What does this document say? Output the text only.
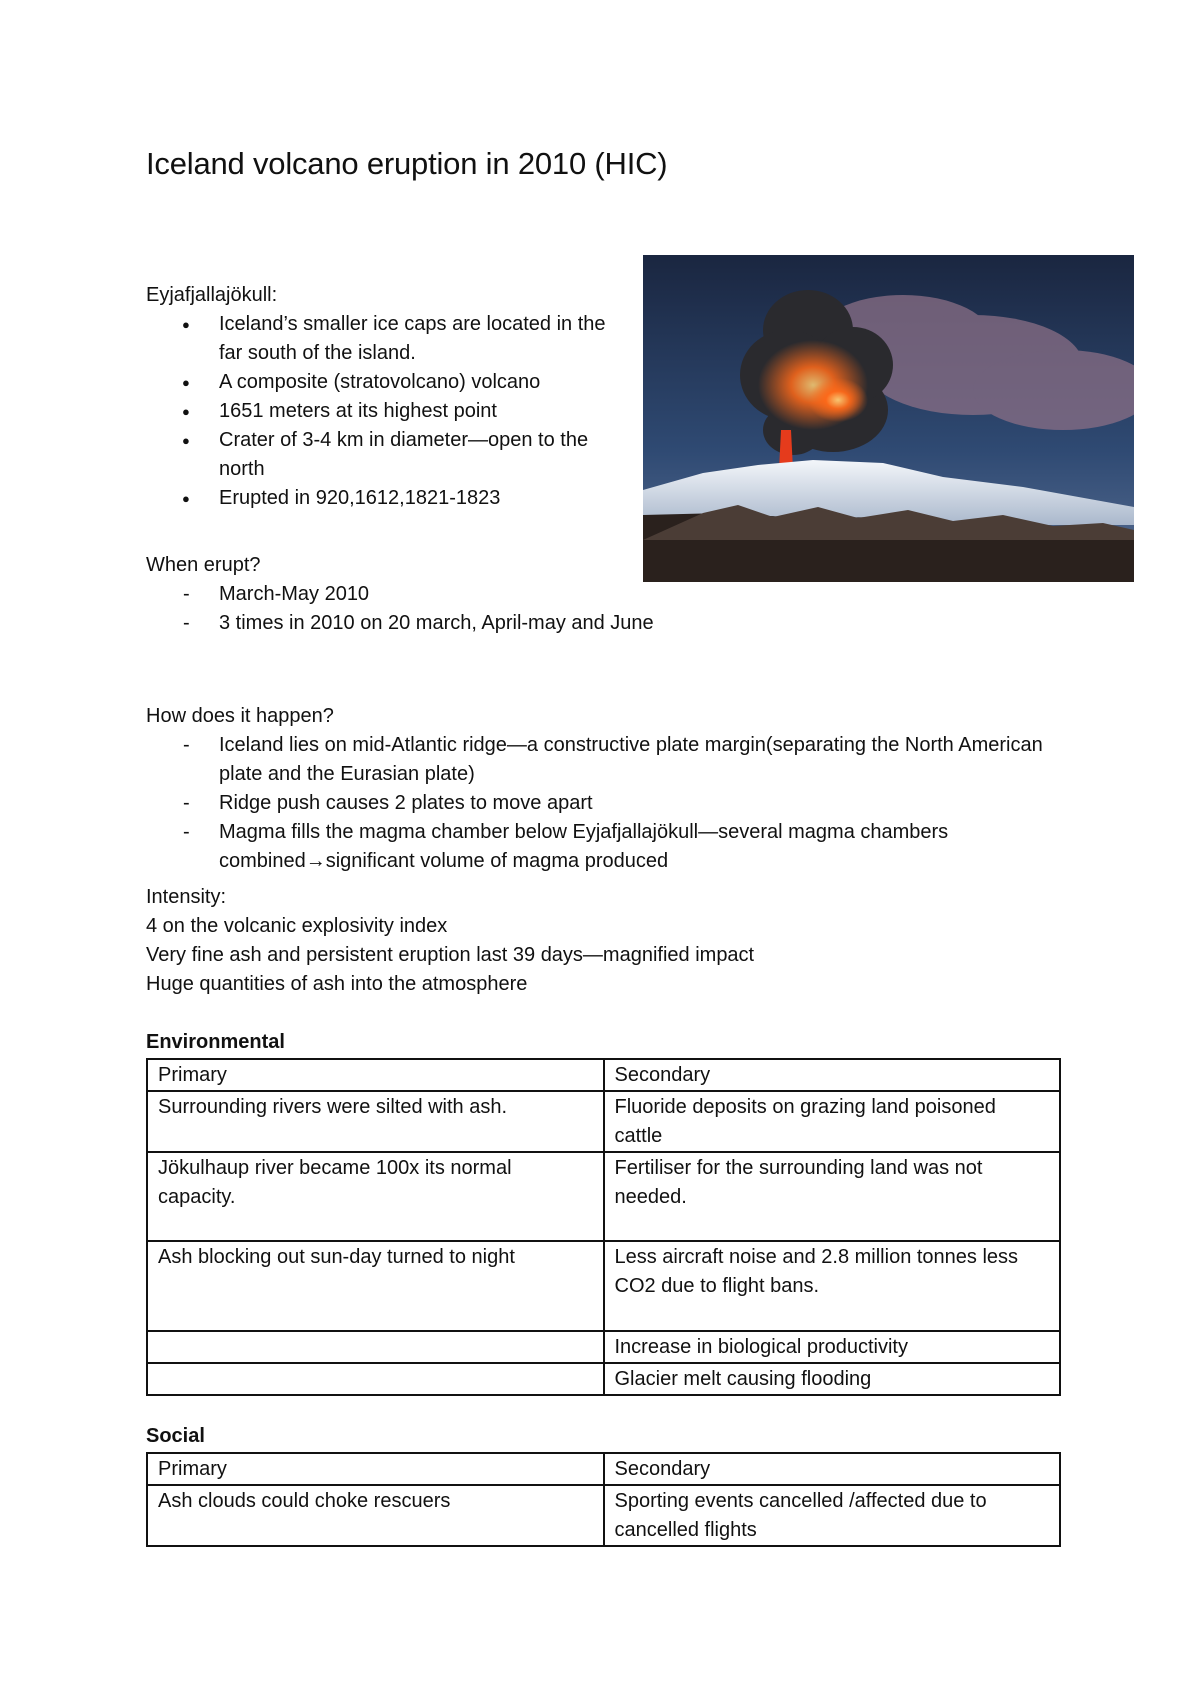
Iceland volcano eruption in 2010 (HIC)
Eyjafjallajökull:
● Iceland’s smaller ice caps are located in the far south of the island.
● A composite (stratovolcano) volcano
● 1651 meters at its highest point
● Crater of 3-4 km in diameter—open to the north
● Erupted in 920,1612,1821-1823
When erupt?
- March-May 2010
- 3 times in 2010 on 20 march, April-may and June
How does it happen?
- Iceland lies on mid-Atlantic ridge—a constructive plate margin(separating the North American plate and the Eurasian plate)
- Ridge push causes 2 plates to move apart
- Magma fills the magma chamber below Eyjafjallajökull—several magma chambers combined→significant volume of magma produced
Intensity:
4 on the volcanic explosivity index
Very fine ash and persistent eruption last 39 days—magnified impact
Huge quantities of ash into the atmosphere
Environmental
Primary	Secondary
Surrounding rivers were silted with ash.	Fluoride deposits on grazing land poisoned cattle
Jökulhaup river became 100x its normal capacity.	Fertiliser for the surrounding land was not needed.
Ash blocking out sun-day turned to night	Less aircraft noise and 2.8 million tonnes less CO2 due to flight bans.
	Increase in biological productivity
	Glacier melt causing flooding
Social
Primary	Secondary
Ash clouds could choke rescuers	Sporting events cancelled /affected due to cancelled flights
